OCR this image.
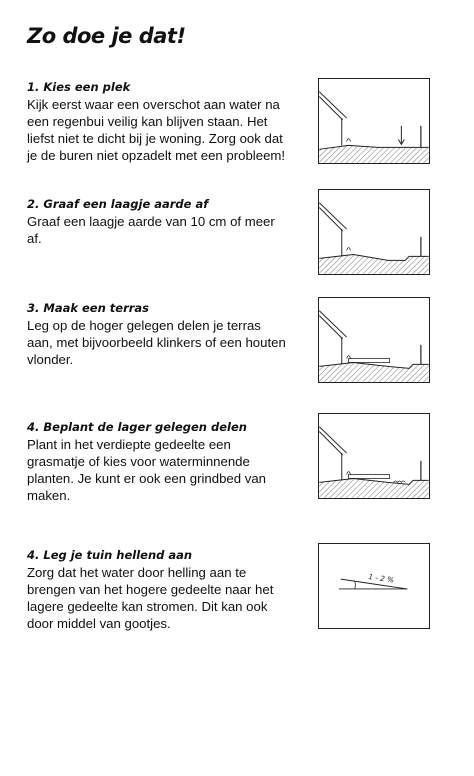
Zo doe je dat!

1. Kies een plek

Kijk eerst waar een overschot aan water na een regenbui veilig kan blijven staan. Het liefst niet te dicht bij je woning. Zorg ook dat je de buren niet opzadelt met een probleem!

2. Graaf een laagje aarde af

Graaf een laagje aarde van 10 cm of meer af.

3. Maak een terras

Leg op de hoger gelegen delen je terras aan, met bijvoorbeeld klinkers of een houten vlonder.

4. Beplant de lager gelegen delen

Plant in het verdiepte gedeelte een grasmatje of kies voor waterminnende planten. Je kunt er ook een grindbed van maken.

4. Leg je tuin hellend aan

Zorg dat het water door helling aan te brengen van het hogere gedeelte naar het lagere gedeelte kan stromen. Dit kan ook door middel van gootjes.

1 - 2 %
